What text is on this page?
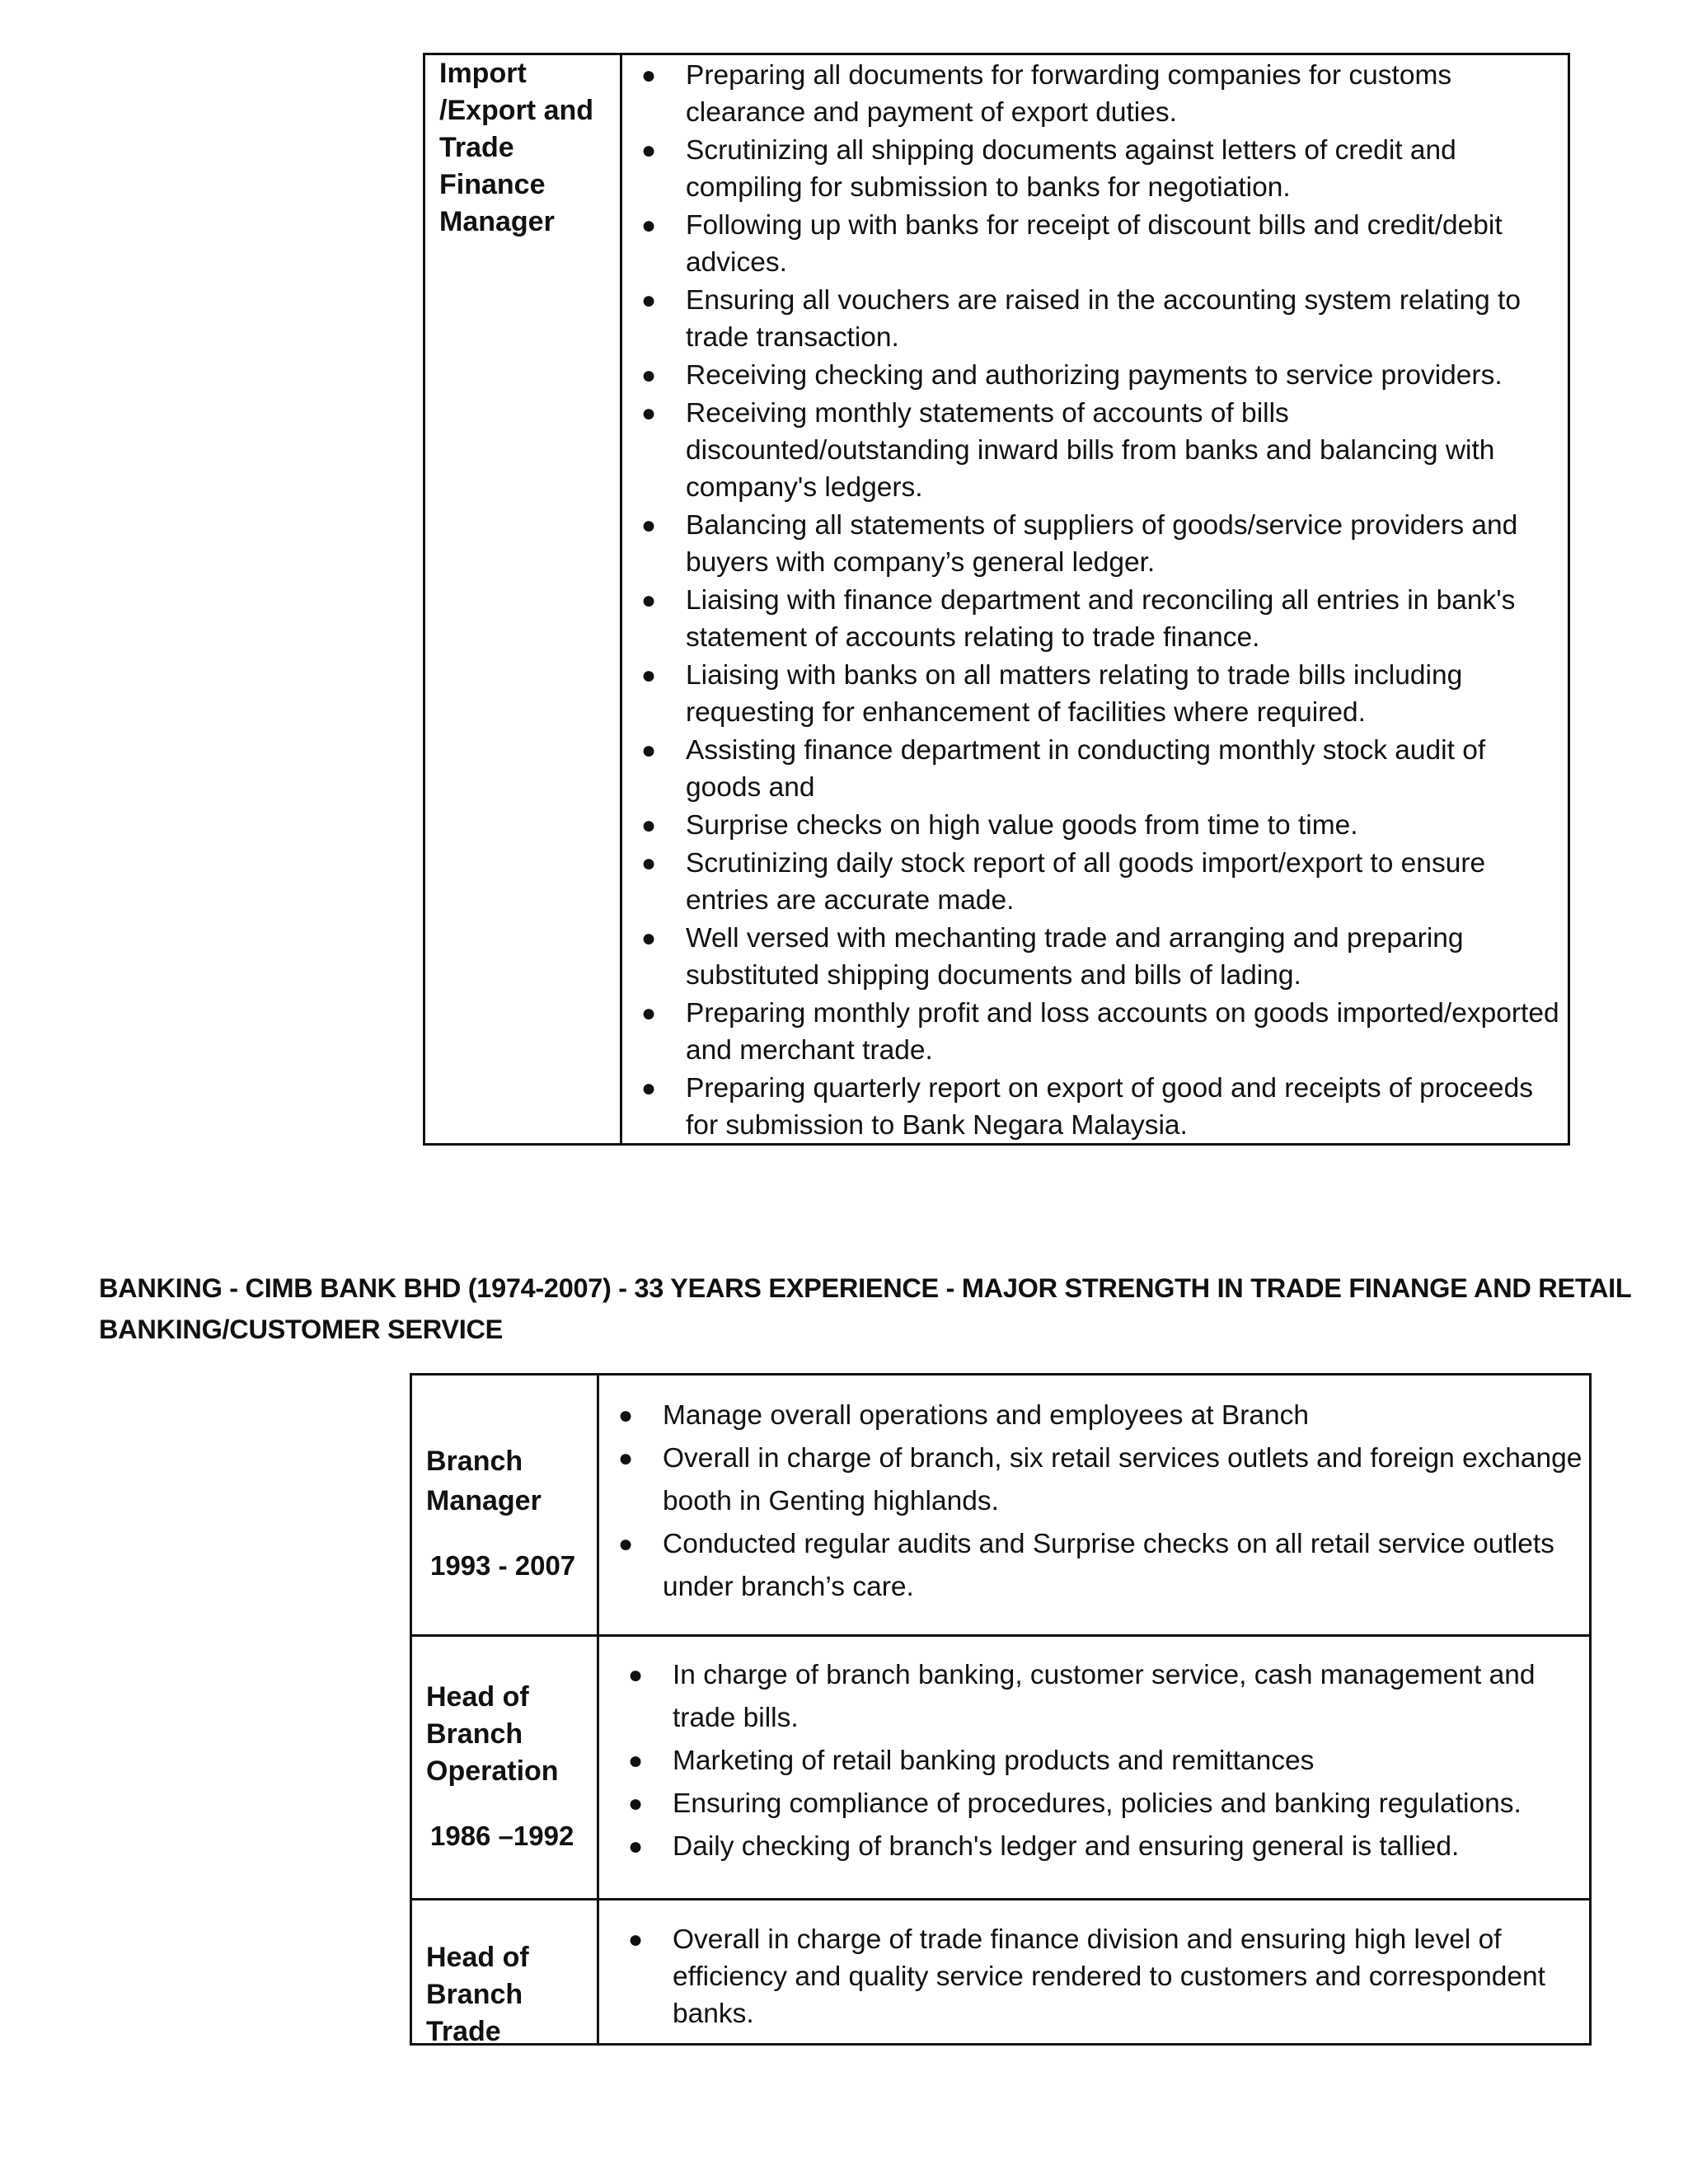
Import /Export and Trade Finance Manager
● Preparing all documents for forwarding companies for customs clearance and payment of export duties.
● Scrutinizing all shipping documents against letters of credit and compiling for submission to banks for negotiation.
● Following up with banks for receipt of discount bills and credit/debit advices.
● Ensuring all vouchers are raised in the accounting system relating to trade transaction.
● Receiving checking and authorizing payments to service providers.
● Receiving monthly statements of accounts of bills discounted/outstanding inward bills from banks and balancing with company's ledgers.
● Balancing all statements of suppliers of goods/service providers and buyers with company’s general ledger.
● Liaising with finance department and reconciling all entries in bank's statement of accounts relating to trade finance.
● Liaising with banks on all matters relating to trade bills including requesting for enhancement of facilities where required.
● Assisting finance department in conducting monthly stock audit of goods and
● Surprise checks on high value goods from time to time.
● Scrutinizing daily stock report of all goods import/export to ensure entries are accurate made.
● Well versed with mechanting trade and arranging and preparing substituted shipping documents and bills of lading.
● Preparing monthly profit and loss accounts on goods imported/exported and merchant trade.
● Preparing quarterly report on export of good and receipts of proceeds for submission to Bank Negara Malaysia.
BANKING - CIMB BANK BHD (1974-2007) - 33 YEARS EXPERIENCE - MAJOR STRENGTH IN TRADE FINANGE AND RETAIL BANKING/CUSTOMER SERVICE
Branch Manager
1993 - 2007
● Manage overall operations and employees at Branch
● Overall in charge of branch, six retail services outlets and foreign exchange booth in Genting highlands.
● Conducted regular audits and Surprise checks on all retail service outlets under branch’s care.
Head of Branch Operation
1986 –1992
● In charge of branch banking, customer service, cash management and trade bills.
● Marketing of retail banking products and remittances
● Ensuring compliance of procedures, policies and banking regulations.
● Daily checking of branch's ledger and ensuring general is tallied.
Head of Branch Trade
● Overall in charge of trade finance division and ensuring high level of efficiency and quality service rendered to customers and correspondent banks.
